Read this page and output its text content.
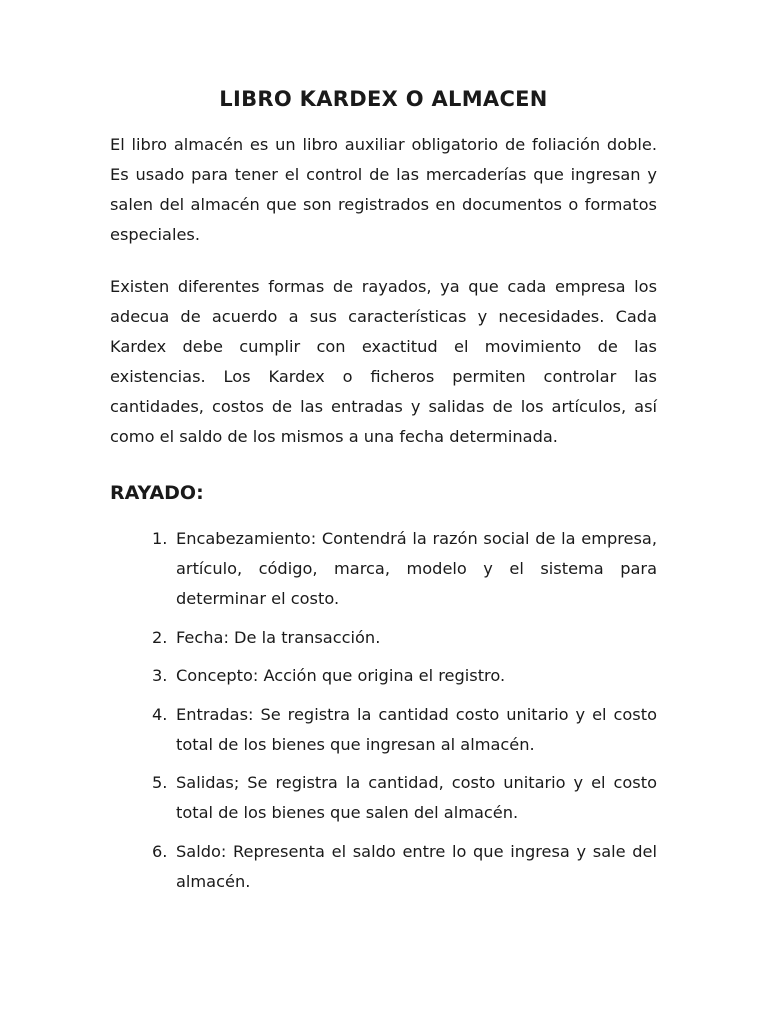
LIBRO KARDEX O ALMACEN

El libro almacén es un libro auxiliar obligatorio de foliación doble. Es usado para tener el control de las mercaderías que ingresan y salen del almacén que son registrados en documentos o formatos especiales.

Existen diferentes formas de rayados, ya que cada empresa los adecua de acuerdo a sus características y necesidades. Cada Kardex debe cumplir con exactitud el movimiento de las existencias. Los Kardex o ficheros permiten controlar las cantidades, costos de las entradas y salidas de los artículos, así como el saldo de los mismos a una fecha determinada.

RAYADO:
1. Encabezamiento: Contendrá la razón social de la empresa, artículo, código, marca, modelo y el sistema para determinar el costo.
2. Fecha: De la transacción.
3. Concepto: Acción que origina el registro.
4. Entradas: Se registra la cantidad costo unitario y el costo total de los bienes que ingresan al almacén.
5. Salidas; Se registra la cantidad, costo unitario y el costo total de los bienes que salen del almacén.
6. Saldo: Representa el saldo entre lo que ingresa y sale del almacén.
